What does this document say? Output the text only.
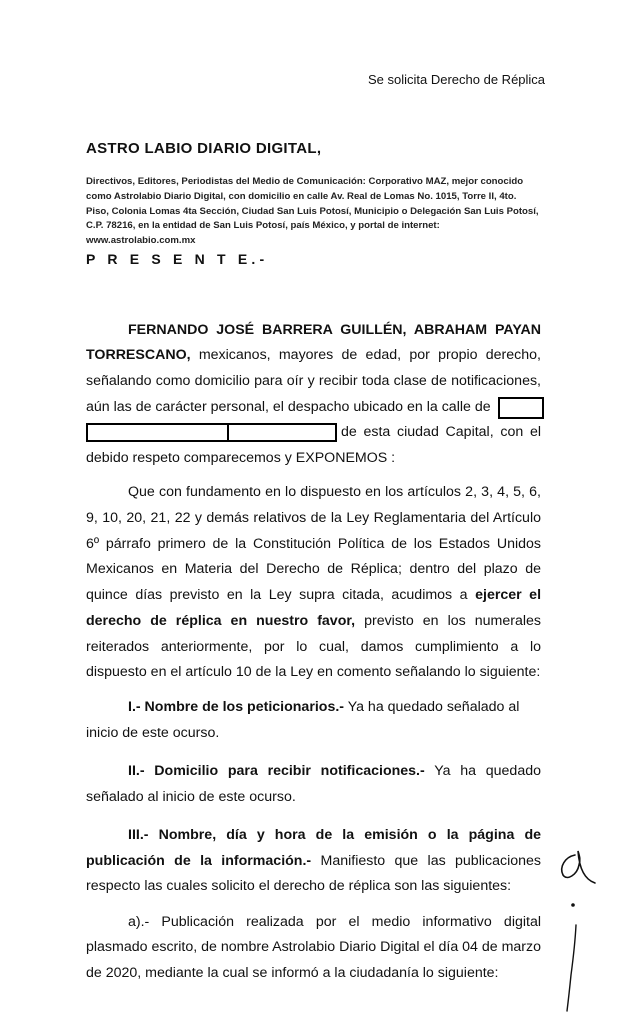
Se solicita Derecho de Réplica
ASTRO LABIO DIARIO DIGITAL,
Directivos, Editores, Periodistas del Medio de Comunicación: Corporativo MAZ, mejor conocido
como Astrolabio Diario Digital, con domicilio en calle Av. Real de Lomas No. 1015, Torre II, 4to.
Piso, Colonia Lomas 4ta Sección, Ciudad San Luis Potosí, Municipio o Delegación San Luis Potosí,
C.P. 78216, en la entidad de San Luis Potosí, país México, y portal de internet:
www.astrolabio.com.mx
P R E S E N T E.-
FERNANDO JOSÉ BARRERA GUILLÉN, ABRAHAM PAYAN
TORRESCANO, mexicanos, mayores de edad, por propio derecho,
señalando como domicilio para oír y recibir toda clase de notificaciones,
aún las de carácter personal, el despacho ubicado en la calle de
de esta ciudad Capital, con el
debido respeto comparecemos y EXPONEMOS :
Que con fundamento en lo dispuesto en los artículos 2, 3, 4, 5, 6,
9, 10, 20, 21, 22 y demás relativos de la Ley Reglamentaria del Artículo
6º párrafo primero de la Constitución Política de los Estados Unidos
Mexicanos en Materia del Derecho de Réplica; dentro del plazo de
quince días previsto en la Ley supra citada, acudimos a ejercer el
derecho de réplica en nuestro favor, previsto en los numerales
reiterados anteriormente, por lo cual, damos cumplimiento a lo
dispuesto en el artículo 10 de la Ley en comento señalando lo siguiente:
I.- Nombre de los peticionarios.- Ya ha quedado señalado al
inicio de este ocurso.
II.- Domicilio para recibir notificaciones.- Ya ha quedado
señalado al inicio de este ocurso.
III.- Nombre, día y hora de la emisión o la página de
publicación de la información.- Manifiesto que las publicaciones
respecto las cuales solicito el derecho de réplica son las siguientes:
a).- Publicación realizada por el medio informativo digital
plasmado escrito, de nombre Astrolabio Diario Digital el día 04 de marzo
de 2020, mediante la cual se informó a la ciudadanía lo siguiente:
